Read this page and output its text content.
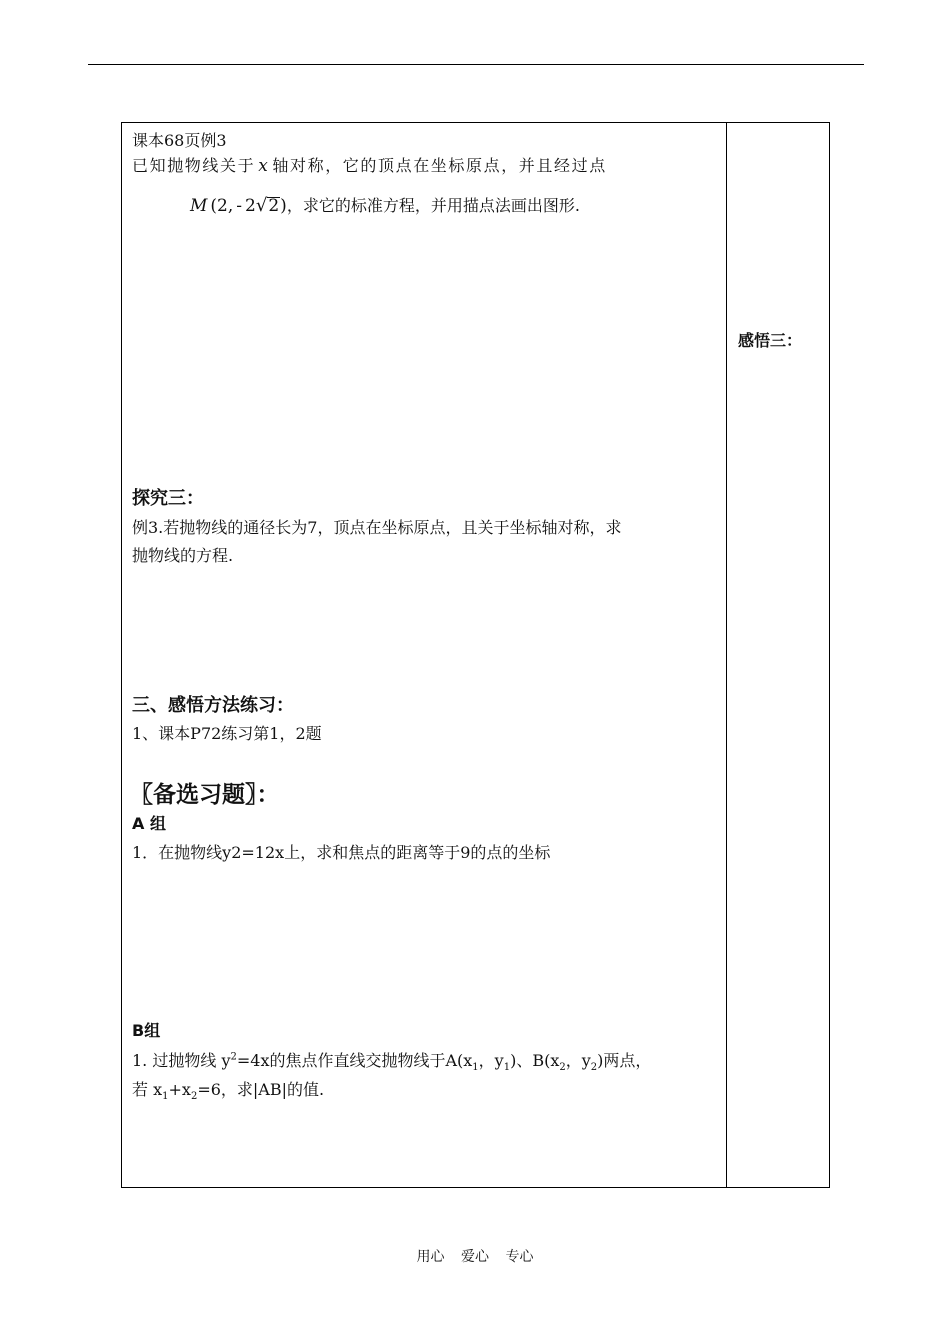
课本68页例3
已知抛物线关于 x 轴对称，它的顶点在坐标原点，并且经过点
M (2, - 2√2)，求它的标准方程，并用描点法画出图形.
探究三：
例3.若抛物线的通径长为7，顶点在坐标原点，且关于坐标轴对称，求
抛物线的方程.
三、感悟方法练习：
1、课本P72练习第1，2题
〖备选习题〗：
A 组
1．在抛物线y2=12x上，求和焦点的距离等于9的点的坐标
B组
1. 过抛物线 $y^2=4x$的焦点作直线交抛物线于$A(x_1$，$y_1$)、$B(x_2$，$y_2$)两点，
若 $x_1+x_2=6$，求|AB|的值.
感悟三：
用心 爱心 专心
